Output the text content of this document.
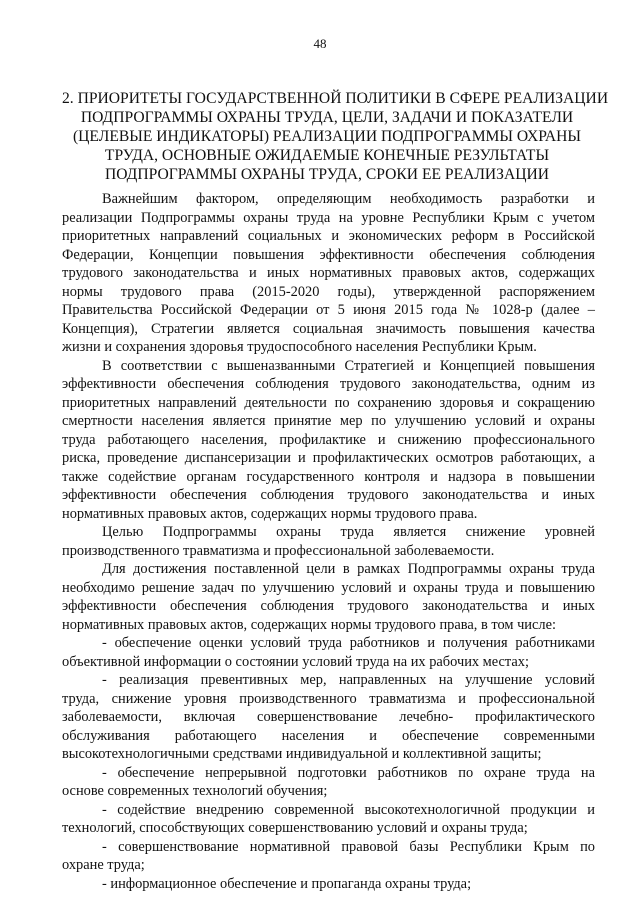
48
2. ПРИОРИТЕТЫ ГОСУДАРСТВЕННОЙ ПОЛИТИКИ В СФЕРЕ РЕАЛИЗАЦИИ
ПОДПРОГРАММЫ ОХРАНЫ ТРУДА, ЦЕЛИ, ЗАДАЧИ И ПОКАЗАТЕЛИ
(ЦЕЛЕВЫЕ ИНДИКАТОРЫ) РЕАЛИЗАЦИИ ПОДПРОГРАММЫ ОХРАНЫ
ТРУДА, ОСНОВНЫЕ ОЖИДАЕМЫЕ КОНЕЧНЫЕ РЕЗУЛЬТАТЫ
ПОДПРОГРАММЫ ОХРАНЫ ТРУДА, СРОКИ ЕЕ РЕАЛИЗАЦИИ

Важнейшим фактором, определяющим необходимость разработки и
реализации Подпрограммы охраны труда на уровне Республики Крым с учетом
приоритетных направлений социальных и экономических реформ в Российской
Федерации, Концепции повышения эффективности обеспечения соблюдения
трудового законодательства и иных нормативных правовых актов, содержащих
нормы трудового права (2015-2020 годы), утвержденной распоряжением
Правительства Российской Федерации от 5 июня 2015 года № 1028-р (далее –
Концепция), Стратегии является социальная значимость повышения качества
жизни и сохранения здоровья трудоспособного населения Республики Крым.

В соответствии с вышеназванными Стратегией и Концепцией повышения
эффективности обеспечения соблюдения трудового законодательства, одним из
приоритетных направлений деятельности по сохранению здоровья и сокращению
смертности населения является принятие мер по улучшению условий и охраны
труда работающего населения, профилактике и снижению профессионального
риска, проведение диспансеризации и профилактических осмотров работающих, а
также содействие органам государственного контроля и надзора в повышении
эффективности обеспечения соблюдения трудового законодательства и иных
нормативных правовых актов, содержащих нормы трудового права.

Целью Подпрограммы охраны труда является снижение уровней
производственного травматизма и профессиональной заболеваемости.

Для достижения поставленной цели в рамках Подпрограммы охраны труда
необходимо решение задач по улучшению условий и охраны труда и повышению
эффективности обеспечения соблюдения трудового законодательства и иных
нормативных правовых актов, содержащих нормы трудового права, в том числе:

- обеспечение оценки условий труда работников и получения работниками
объективной информации о состоянии условий труда на их рабочих местах;

- реализация превентивных мер, направленных на улучшение условий
труда, снижение уровня производственного травматизма и профессиональной
заболеваемости, включая совершенствование лечебно- профилактического
обслуживания работающего населения и обеспечение современными
высокотехнологичными средствами индивидуальной и коллективной защиты;

- обеспечение непрерывной подготовки работников по охране труда на
основе современных технологий обучения;

- содействие внедрению современной высокотехнологичной продукции и
технологий, способствующих совершенствованию условий и охраны труда;

- совершенствование нормативной правовой базы Республики Крым по
охране труда;

- информационное обеспечение и пропаганда охраны труда;
